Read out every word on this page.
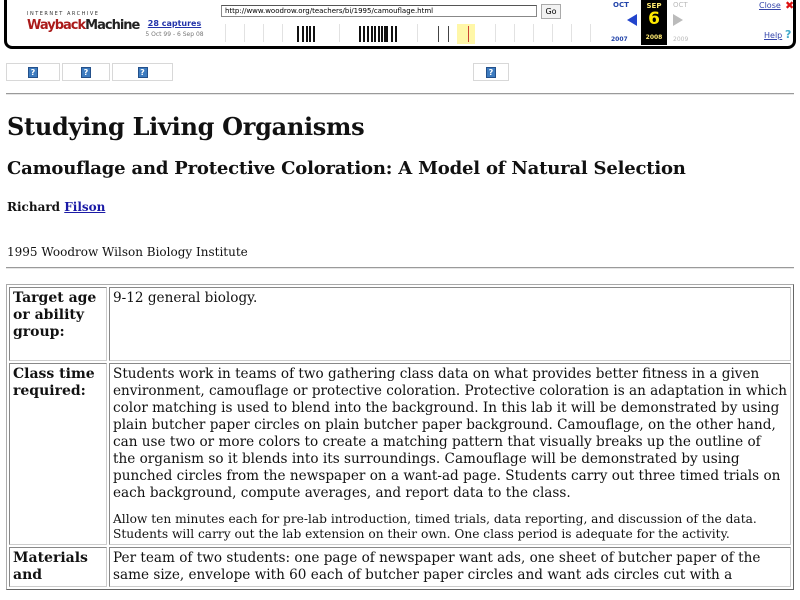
INTERNET ARCHIVE
WaybackMachine	28 captures
5 Oct 99 - 6 Sep 08
http://www.woodrow.org/teachers/bi/1995/camouflage.html	Go
OCT
2007
SEP
6
2008
OCT
2009
Close ✖
Help ?
?	?	?	?
Studying Living Organisms
Camouflage and Protective Coloration: A Model of Natural Selection
Richard Filson
1995 Woodrow Wilson Biology Institute
Target age or ability group:	9-12 general biology.
Class time required:	Students work in teams of two gathering class data on what provides better fitness in a given environment, camouflage or protective coloration. Protective coloration is an adaptation in which color matching is used to blend into the background. In this lab it will be demonstrated by using plain butcher paper circles on plain butcher paper background. Camouflage, on the other hand, can use two or more colors to create a matching pattern that visually breaks up the outline of the organism so it blends into its surroundings. Camouflage will be demonstrated by using punched circles from the newspaper on a want-ad page. Students carry out three timed trials on each background, compute averages, and report data to the class.

Allow ten minutes each for pre-lab introduction, timed trials, data reporting, and discussion of the data. Students will carry out the lab extension on their own. One class period is adequate for the activity.

Materials and	Per team of two students: one page of newspaper want ads, one sheet of butcher paper of the same size, envelope with 60 each of butcher paper circles and want ads circles cut with a
